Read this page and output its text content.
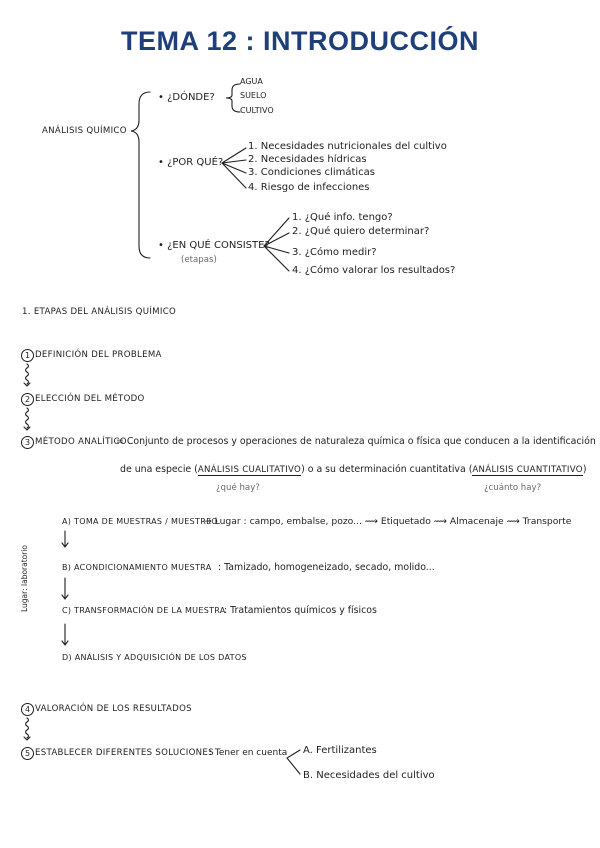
TEMA 12 : INTRODUCCIÓN
ANÁLISIS QUÍMICO
• ¿DÓNDE?
AGUA
SUELO
CULTIVO
• ¿POR QUÉ?
1. Necesidades nutricionales del cultivo
2. Necesidades hídricas
3. Condiciones climáticas
4. Riesgo de infecciones
• ¿EN QUÉ CONSISTE?
(etapas)
1. ¿Qué info. tengo?
2. ¿Qué quiero determinar?
3. ¿Cómo medir?
4. ¿Cómo valorar los resultados?
1. ETAPAS DEL ANÁLISIS QUÍMICO
1 DEFINICIÓN DEL PROBLEMA
2 ELECCIÓN DEL MÉTODO
3 MÉTODO ANALÍTICO
= Conjunto de procesos y operaciones de naturaleza química o física que conducen a la identificación
de una especie (ANÁLISIS CUALITATIVO) o a su determinación cuantitativa (ANÁLISIS CUANTITATIVO)
¿qué hay?	¿cuánto hay?
A) TOMA DE MUESTRAS / MUESTREO
→ Lugar : campo, embalse, pozo... ⟿ Etiquetado ⟿ Almacenaje ⟿ Transporte
B) ACONDICIONAMIENTO MUESTRA : Tamizado, homogeneizado, secado, molido...
C) TRANSFORMACIÓN DE LA MUESTRA
: Tratamientos químicos y físicos
D) ANÁLISIS Y ADQUISICIÓN DE LOS DATOS
Lugar: laboratorio
4 VALORACIÓN DE LOS RESULTADOS
5 ESTABLECER DIFERENTES SOLUCIONES
: Tener en cuenta A. Fertilizantes
B. Necesidades del cultivo
